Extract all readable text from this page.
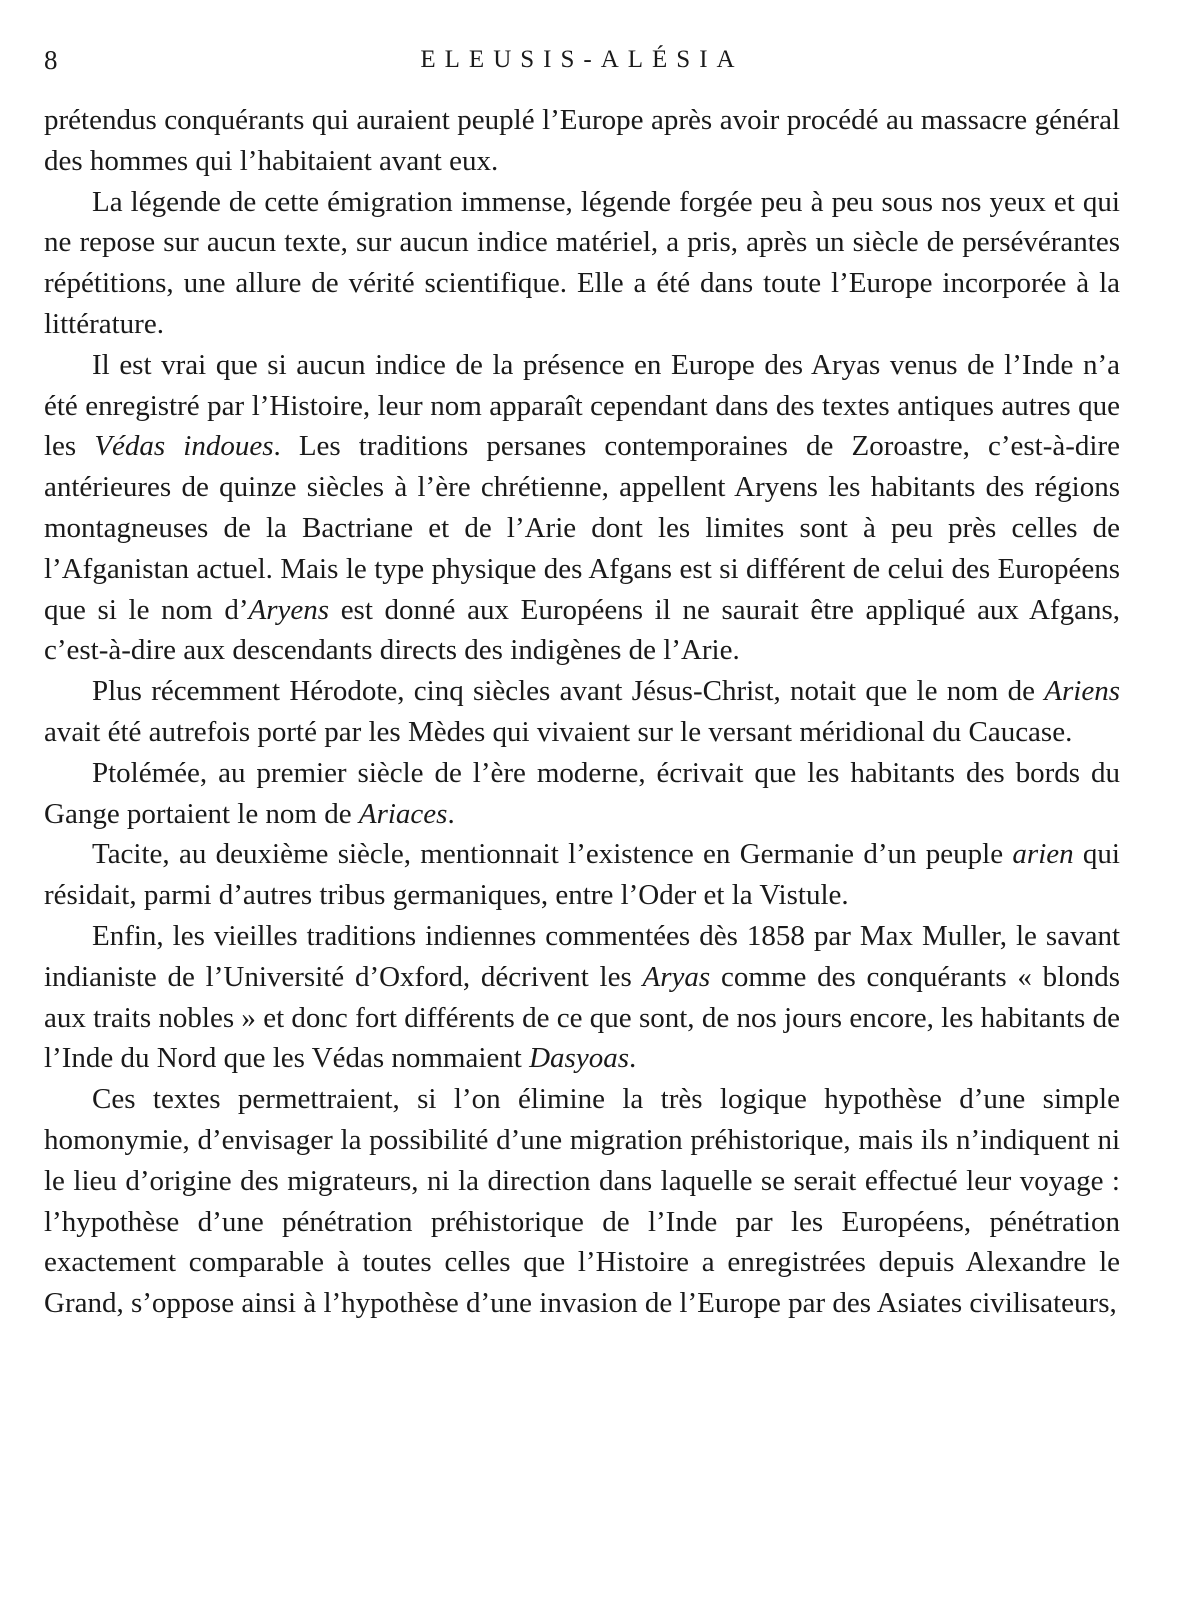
8	ELEUSIS-ALÉSIA

prétendus conquérants qui auraient peuplé l’Europe après avoir procédé au massacre général des hommes qui l’habitaient avant eux.

La légende de cette émigration immense, légende forgée peu à peu sous nos yeux et qui ne repose sur aucun texte, sur aucun indice matériel, a pris, après un siècle de persévérantes répétitions, une allure de vérité scientifique. Elle a été dans toute l’Europe incorporée à la littérature.

Il est vrai que si aucun indice de la présence en Europe des Aryas venus de l’Inde n’a été enregistré par l’Histoire, leur nom apparaît cependant dans des textes antiques autres que les Védas indoues. Les traditions persanes contemporaines de Zoroastre, c’est-à-dire antérieures de quinze siècles à l’ère chrétienne, appellent Aryens les habitants des régions montagneuses de la Bactriane et de l’Arie dont les limites sont à peu près celles de l’Afganistan actuel. Mais le type physique des Afgans est si différent de celui des Européens que si le nom d’Aryens est donné aux Européens il ne saurait être appliqué aux Afgans, c’est-à-dire aux descendants directs des indigènes de l’Arie.

Plus récemment Hérodote, cinq siècles avant Jésus-Christ, notait que le nom de Ariens avait été autrefois porté par les Mèdes qui vivaient sur le versant méridional du Caucase.

Ptolémée, au premier siècle de l’ère moderne, écrivait que les habitants des bords du Gange portaient le nom de Ariaces.

Tacite, au deuxième siècle, mentionnait l’existence en Germanie d’un peuple arien qui résidait, parmi d’autres tribus germaniques, entre l’Oder et la Vistule.

Enfin, les vieilles traditions indiennes commentées dès 1858 par Max Muller, le savant indianiste de l’Université d’Oxford, décrivent les Aryas comme des conquérants « blonds aux traits nobles » et donc fort différents de ce que sont, de nos jours encore, les habitants de l’Inde du Nord que les Védas nommaient Dasyoas.

Ces textes permettraient, si l’on élimine la très logique hypothèse d’une simple homonymie, d’envisager la possibilité d’une migration préhistorique, mais ils n’indiquent ni le lieu d’origine des migrateurs, ni la direction dans laquelle se serait effectué leur voyage : l’hypothèse d’une pénétration préhistorique de l’Inde par les Européens, pénétration exactement comparable à toutes celles que l’Histoire a enregistrées depuis Alexandre le Grand, s’oppose ainsi à l’hypothèse d’une invasion de l’Europe par des Asiates civilisateurs,
